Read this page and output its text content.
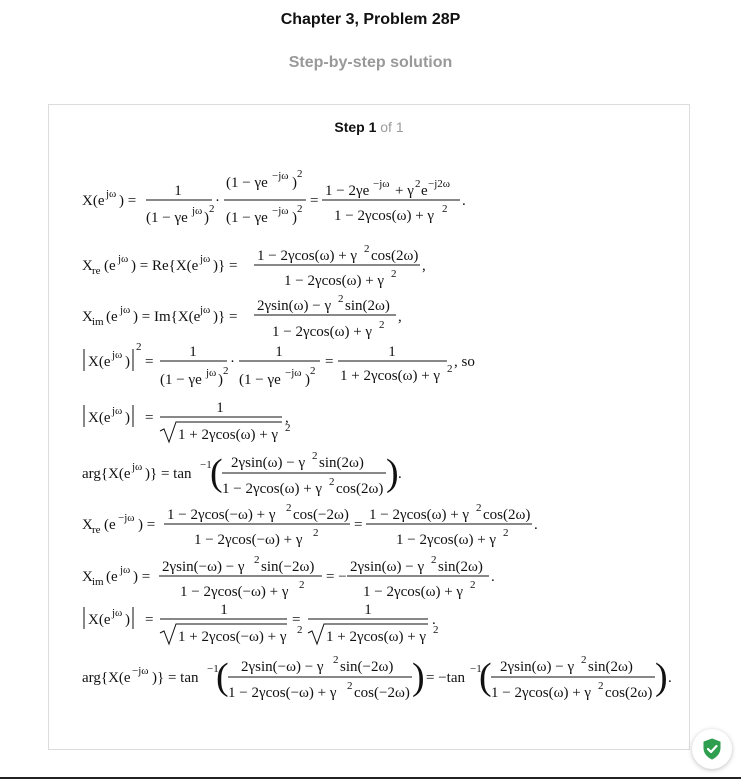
Chapter 3, Problem 28P
Step-by-step solution
Step 1 of 1
X(e jω ) =
1
(1 − γe jω )
2 ·
(1 − γe −jω )
2
(1 − γe −jω )
2 =
1 − 2γe −jω + γ 2 e −j2ω
1 − 2γcos(ω) + γ 2 .
X re (e jω ) = Re{X(e jω )} =
1 − 2γcos(ω) + γ 2 cos(2ω)
1 − 2γcos(ω) + γ 2 ,
X im (e jω ) = Im{X(e jω )} =
2γsin(ω) − γ 2 sin(2ω)
1 − 2γcos(ω) + γ 2 ,
X(e jω )
2
=
1
(1 − γe jω )
2
·
1
(1 − γe −jω )
2
=
1
1 + 2γcos(ω) + γ 2 , so
X(e jω ) =
1
1 + 2γcos(ω) + γ 2
,
arg{X(e jω )} = tan
−1
( 2γsin(ω) − γ 2 sin(2ω)
1 − 2γcos(ω) + γ 2 cos(2ω) ) .
X re (e −jω ) =
1 − 2γcos(−ω) + γ 2 cos(−2ω)
1 − 2γcos(−ω) + γ 2 =
1 − 2γcos(ω) + γ 2 cos(2ω)
1 − 2γcos(ω) + γ 2 .
X im (e jω ) =
2γsin(−ω) − γ 2 sin(−2ω)
1 − 2γcos(−ω) + γ 2 = −
2γsin(ω) − γ 2 sin(2ω)
1 − 2γcos(ω) + γ 2 .
X(e jω ) =
1
1 + 2γcos(−ω) + γ 2
=
1
1 + 2γcos(ω) + γ 2
.
arg{X(e −jω )} = tan
−1
( 2γsin(−ω) − γ 2 sin(−2ω)
1 − 2γcos(−ω) + γ 2 cos(−2ω) ) = −tan
−1
( 2γsin(ω) − γ 2 sin(2ω)
1 − 2γcos(ω) + γ 2 cos(2ω) ) .
